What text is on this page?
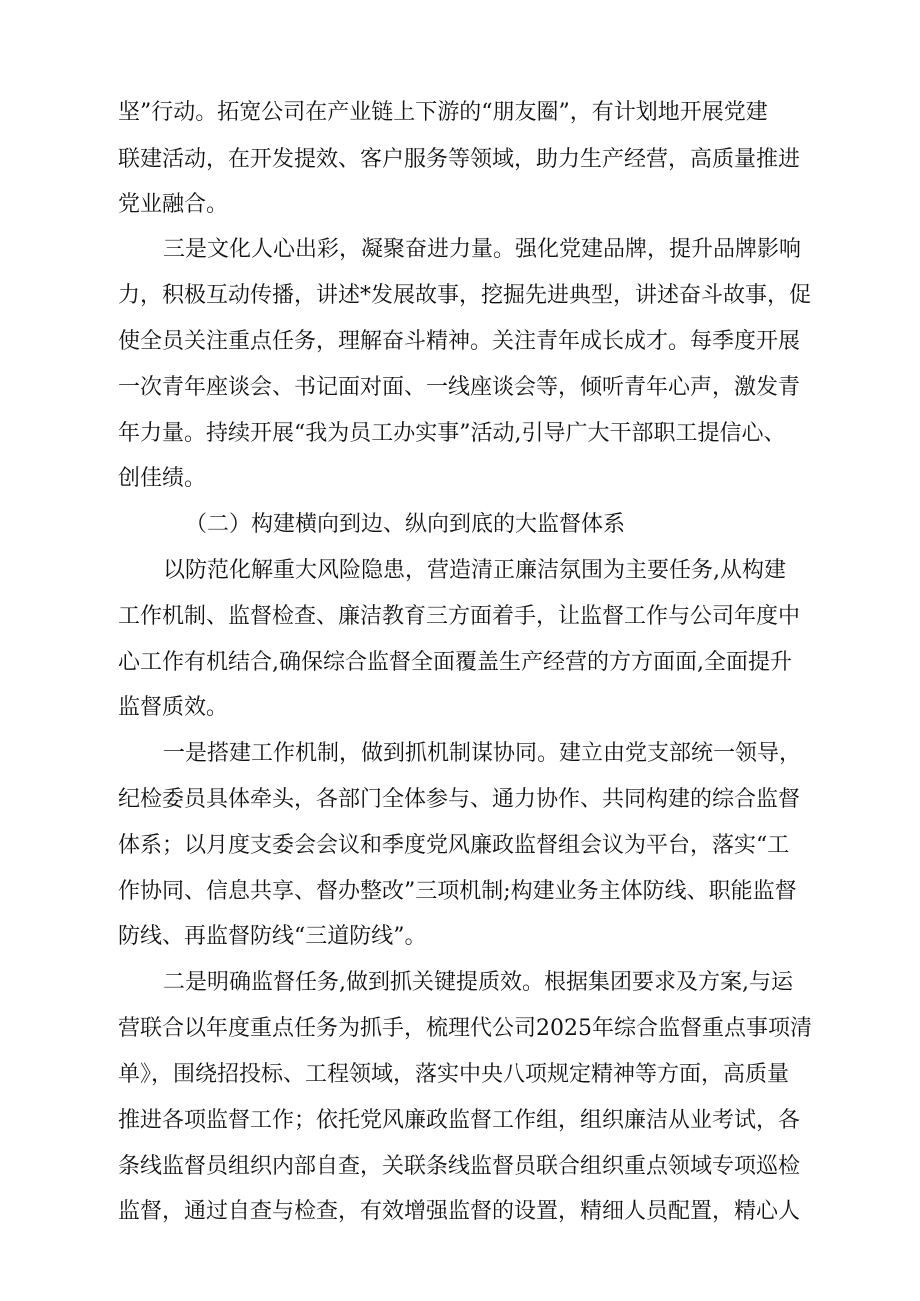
坚”行动。拓宽公司在产业链上下游的“朋友圈”，有计划地开展党建
联建活动，在开发提效、客户服务等领域，助力生产经营，高质量推进
党业融合。
三是文化人心出彩，凝聚奋进力量。强化党建品牌，提升品牌影响
力，积极互动传播，讲述*发展故事，挖掘先进典型，讲述奋斗故事，促
使全员关注重点任务，理解奋斗精神。关注青年成长成才。每季度开展
一次青年座谈会、书记面对面、一线座谈会等，倾听青年心声，激发青
年力量。持续开展“我为员工办实事”活动,引导广大干部职工提信心、
创佳绩。
（二）构建横向到边、纵向到底的大监督体系
以防范化解重大风险隐患，营造清正廉洁氛围为主要任务,从构建
工作机制、监督检查、廉洁教育三方面着手，让监督工作与公司年度中
心工作有机结合,确保综合监督全面覆盖生产经营的方方面面,全面提升
监督质效。
一是搭建工作机制，做到抓机制谋协同。建立由党支部统一领导，
纪检委员具体牵头，各部门全体参与、通力协作、共同构建的综合监督
体系；以月度支委会会议和季度党风廉政监督组会议为平台，落实“工
作协同、信息共享、督办整改”三项机制;构建业务主体防线、职能监督
防线、再监督防线“三道防线”。
二是明确监督任务,做到抓关键提质效。根据集团要求及方案,与运
营联合以年度重点任务为抓手，梳理代公司2025年综合监督重点事项清
单》，围绕招投标、工程领域，落实中央八项规定精神等方面，高质量
推进各项监督工作；依托党风廉政监督工作组，组织廉洁从业考试，各
条线监督员组织内部自查，关联条线监督员联合组织重点领域专项巡检
监督，通过自查与检查，有效增强监督的设置，精细人员配置，精心人
